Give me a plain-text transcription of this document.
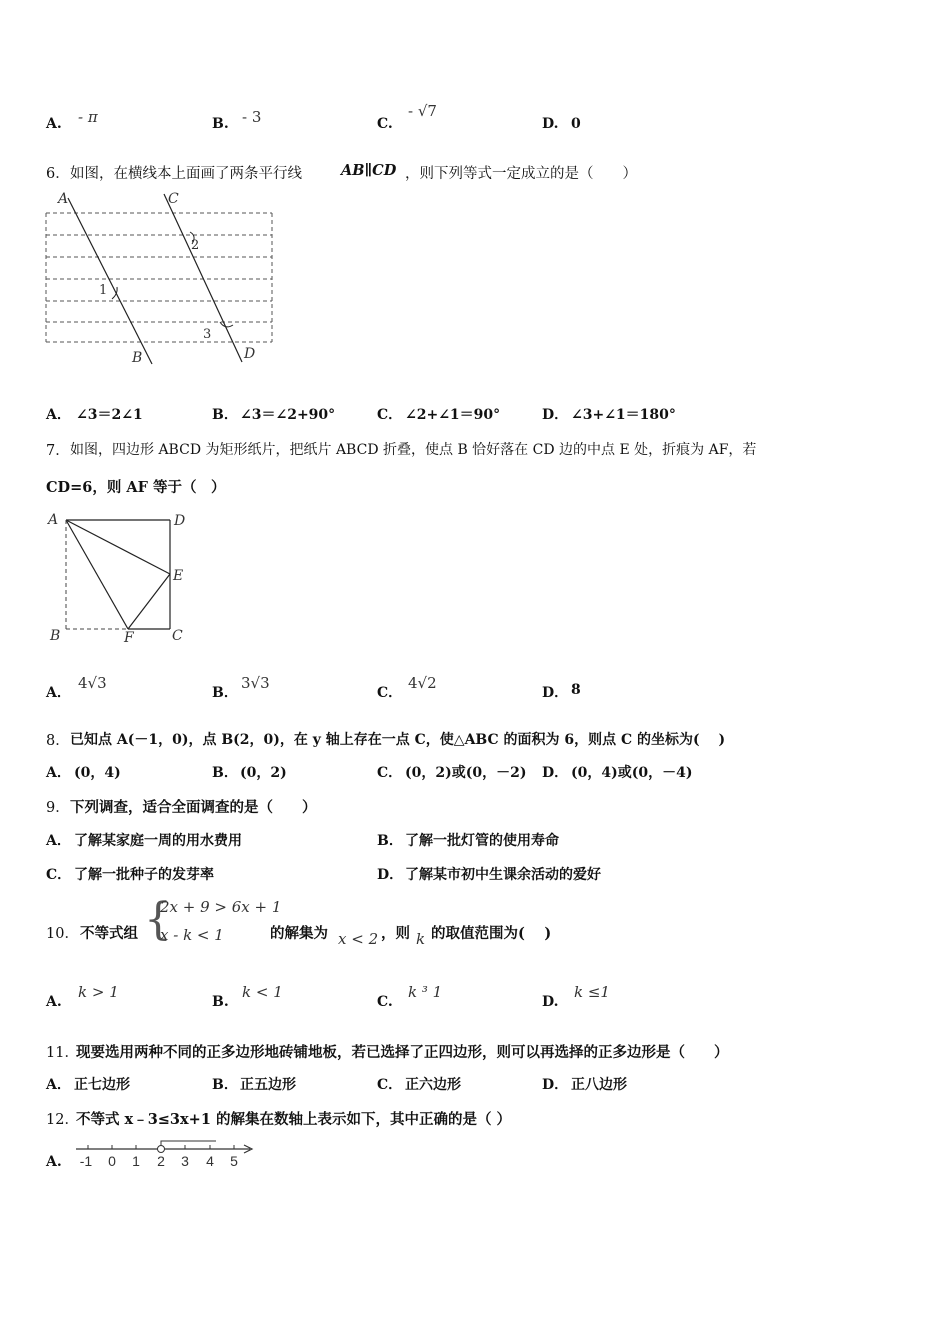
A. - π	B. - 3	C.
- √7
D. 0
6． 如图，在横线本上面画了两条平行线	AB∥CD ，则下列等式一定成立的是（　　）
A	C
B	D
2
1
3
A． ∠3＝2∠1	B． ∠3＝∠2+90°	C． ∠2+∠1＝90°	D． ∠3+∠1＝180°
7． 如图，四边形 ABCD 为矩形纸片，把纸片 ABCD 折叠，使点 B 恰好落在 CD 边的中点 E 处，折痕为 AF，若
CD=6，则 AF 等于（　）
A	D
E
B	F	C
A．
4√3
B．
3√3
C．
4√2
D． 8
8． 已知点 A(－1，0)，点 B(2，0)，在 y 轴上存在一点 C，使△ABC 的面积为 6，则点 C 的坐标为(　 )
A． (0，4)	B． (0，2)	C． (0，2)或(0，－2) D． (0，4)或(0，－4)
9． 下列调查，适合全面调查的是（　　）
A． 了解某家庭一周的用水费用	B． 了解一批灯管的使用寿命
C． 了解一批种子的发芽率	D． 了解某市初中生课余活动的爱好
10． 不等式组 {
2x + 9 > 6x + 1
x - k < 1	的解集为 x < 2 ，则 k 的取值范围为(　 )
A.
k > 1
B.
k < 1
C.
k ³ 1
D.
k ≤1
11．
现要选用两种不同的正多边形地砖铺地板，若已选择了正四边形，则可以再选择的正多边形是（　　）
A． 正七边形	B． 正五边形	C． 正六边形	D． 正八边形
12．
不等式 x﹣3≤3x+1 的解集在数轴上表示如下，其中正确的是（ ）
A. -1 0 1 2 3 4 5
